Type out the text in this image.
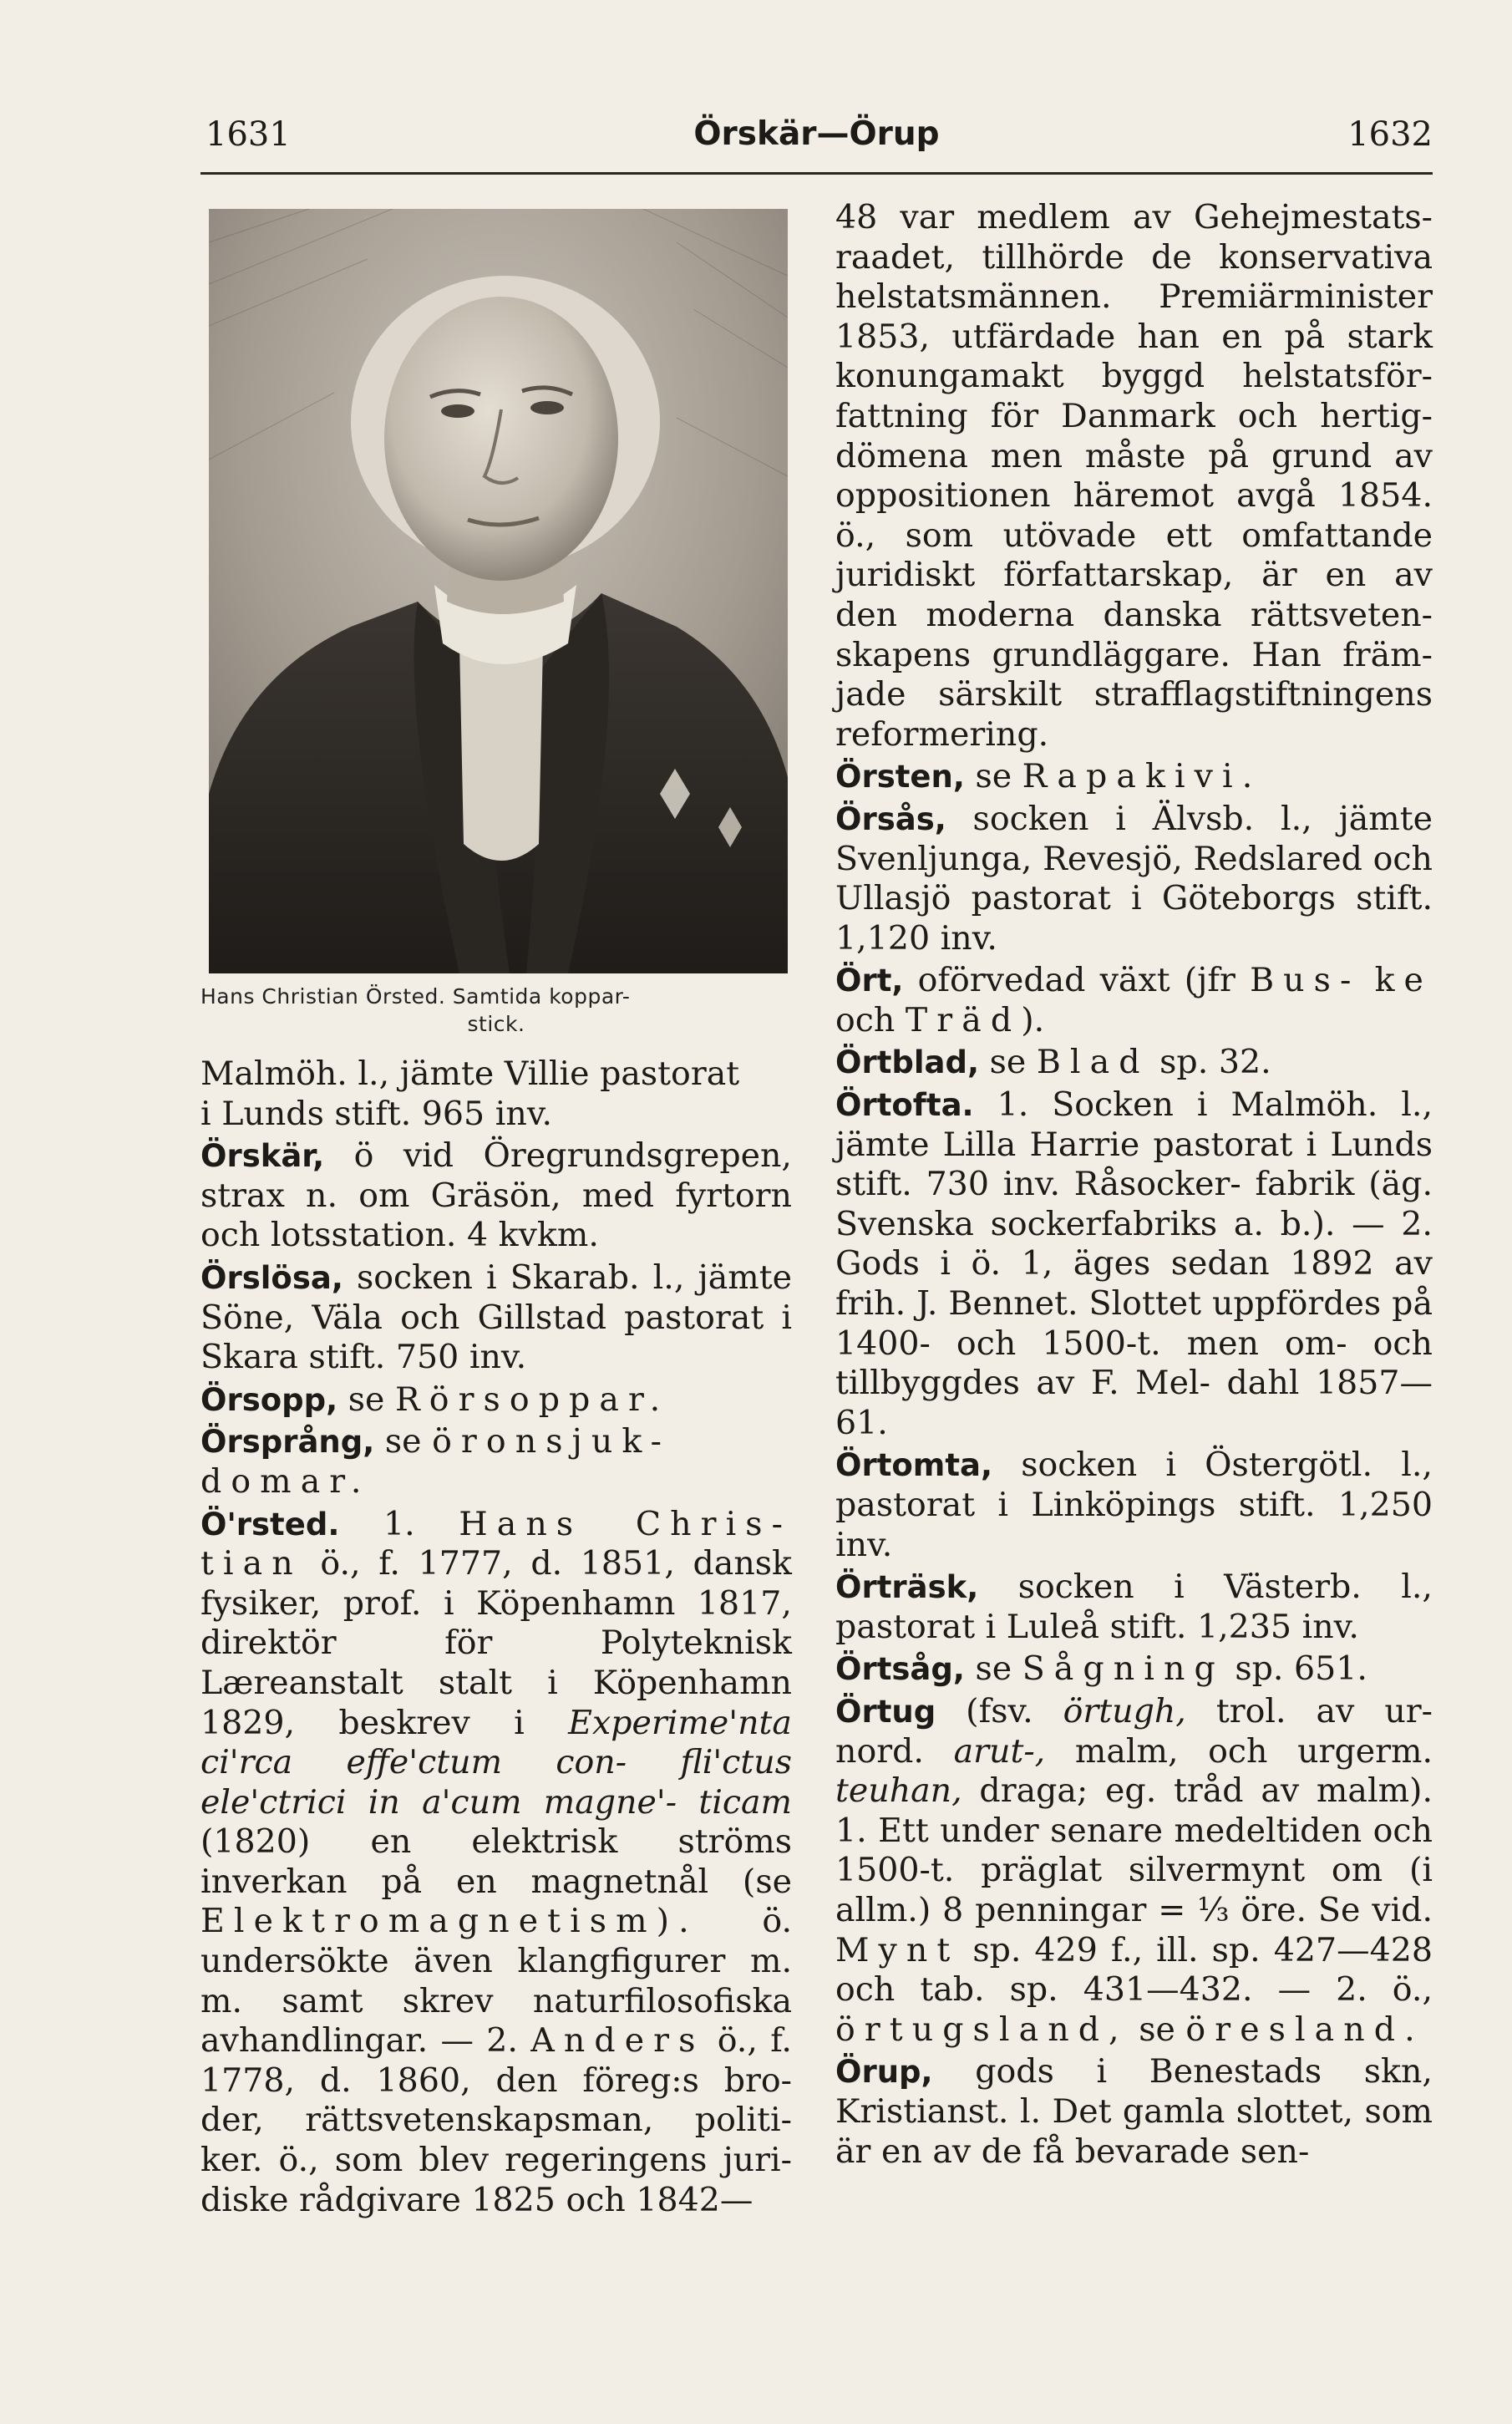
1631	Örskär—Örup	1632
Hans Christian Örsted. Samtida koppar-
stick.

Malmöh. l., jämte Villie pastorat
i Lunds stift. 965 inv.

Örskär, ö vid Öregrundsgrepen, strax n. om Gräsön, med fyrtorn och lotsstation. 4 kvkm.

Örslösa, socken i Skarab. l., jämte Söne, Väla och Gillstad pastorat i Skara stift. 750 inv.

Örsopp, se Rörsoppar.

Örsprång, se öronsjuk-
domar.

Ö'rsted. 1. Hans Chris- tian ö., f. 1777, d. 1851, dansk fysiker, prof. i Köpenhamn 1817, direktör för Polyteknisk Læreanstalt stalt i Köpenhamn 1829, beskrev i Experime'nta ci'rca effe'ctum con- fli'ctus ele'ctrici in a'cum magne'- ticam (1820) en elektrisk ströms inverkan på en magnetnål (se Elektromagnetism). ö. undersökte även klangfigurer m. m. samt skrev naturfilosofiska avhandlingar. — 2. Anders ö., f. 1778, d. 1860, den föreg:s bro- der, rättsvetenskapsman, politi- ker. ö., som blev regeringens juri- diske rådgivare 1825 och 1842—

48 var medlem av Gehejmestats- raadet, tillhörde de konservativa helstatsmännen. Premiärminister 1853, utfärdade han en på stark konungamakt byggd helstatsför- fattning för Danmark och hertig- dömena men måste på grund av oppositionen häremot avgå 1854. ö., som utövade ett omfattande juridiskt författarskap, är en av den moderna danska rättsveten- skapens grundläggare. Han främ- jade särskilt strafflagstiftningens reformering.

Örsten, se Rapakivi.

Örsås, socken i Älvsb. l., jämte Svenljunga, Revesjö, Redslared och Ullasjö pastorat i Göteborgs stift. 1,120 inv.

Ört, oförvedad växt (jfr Bus- ke och Träd).

Örtblad, se Blad sp. 32.

Örtofta. 1. Socken i Malmöh. l., jämte Lilla Harrie pastorat i Lunds stift. 730 inv. Råsocker- fabrik (äg. Svenska sockerfabriks a. b.). — 2. Gods i ö. 1, äges sedan 1892 av frih. J. Bennet. Slottet uppfördes på 1400- och 1500-t. men om- och tillbyggdes av F. Mel- dahl 1857—61.

Örtomta, socken i Östergötl. l., pastorat i Linköpings stift. 1,250 inv.

Örträsk, socken i Västerb. l., pastorat i Luleå stift. 1,235 inv.

Örtsåg, se Sågning sp. 651.

Örtug (fsv. örtugh, trol. av ur- nord. arut-, malm, och urgerm. teuhan, draga; eg. tråd av malm). 1. Ett under senare medeltiden och 1500-t. präglat silvermynt om (i allm.) 8 penningar = ⅓ öre. Se vid. Mynt sp. 429 f., ill. sp. 427—428 och tab. sp. 431—432. — 2. ö., örtugsland, se öresland.

Örup, gods i Benestads skn, Kristianst. l. Det gamla slottet, som är en av de få bevarade sen-
